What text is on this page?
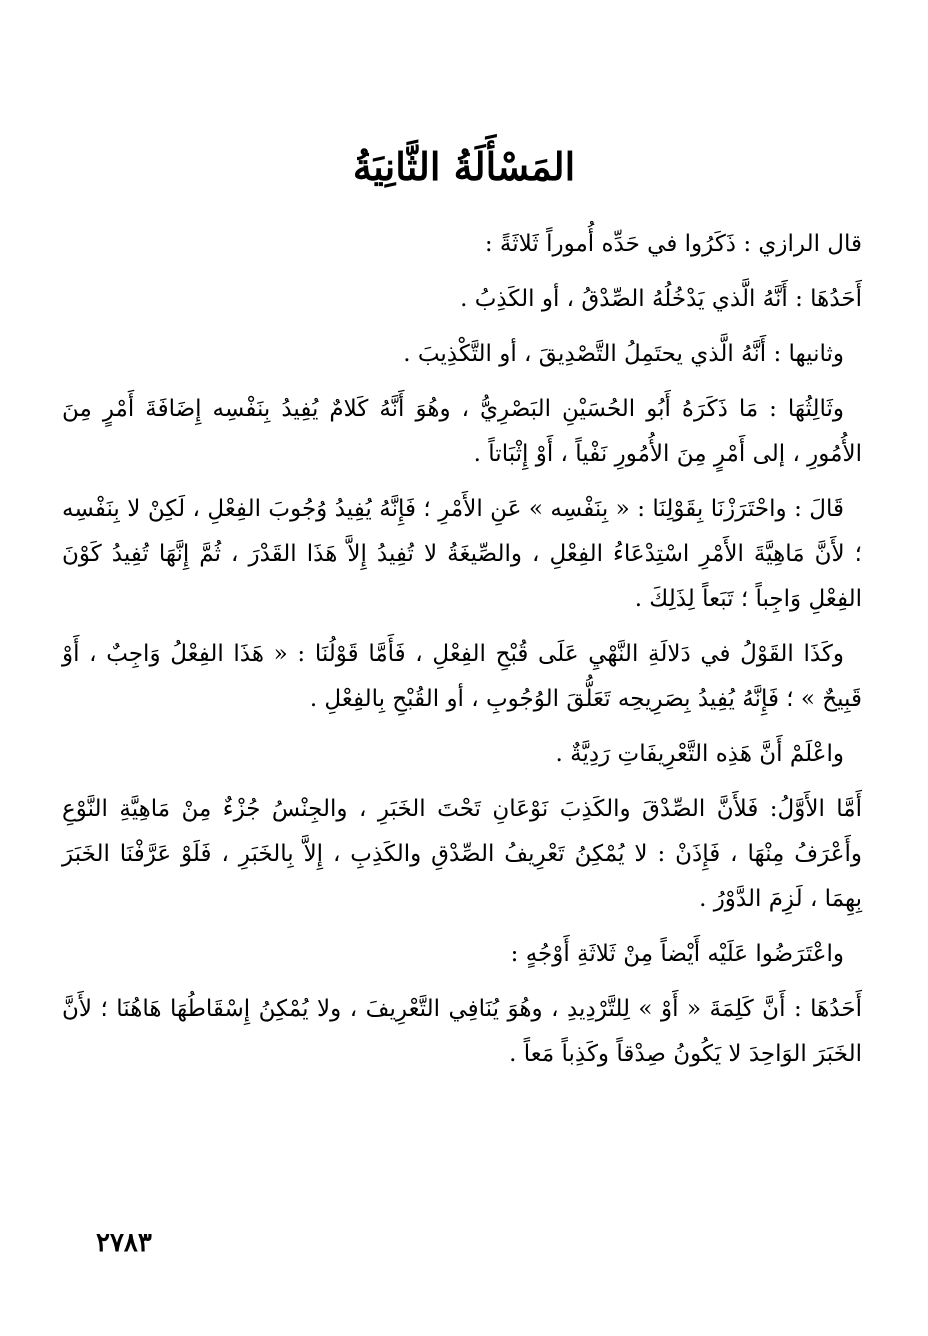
المَسْأَلَةُ الثَّانِيَةُ

قال الرازي : ذَكَرُوا في حَدِّه أُموراً ثَلاثَةً :

أَحَدُهَا : أَنَّهُ الَّذي يَدْخُلُهُ الصِّدْقُ ، أو الكَذِبُ .

وثانيها : أَنَّهُ الَّذي يحتَمِلُ التَّصْدِيقَ ، أو التَّكْذِيبَ .

وثَالِثُهَا : مَا ذَكَرَهُ أَبُو الحُسَيْنِ البَصْرِيُّ ، وهُوَ أَنَّهُ كَلامٌ يُفِيدُ بِنَفْسِه إِضَافَةَ أَمْرٍ مِنَ الأُمُورِ ، إلى أَمْرٍ مِنَ الأُمُورِ نَفْياً ، أَوْ إِثْبَاتاً .

قَالَ : واحْتَرَزْنَا بِقَوْلِنَا : « بِنَفْسِه » عَنِ الأَمْرِ ؛ فَإِنَّهُ يُفِيدُ وُجُوبَ الفِعْلِ ، لَكِنْ لا بِنَفْسِه ؛ لأَنَّ مَاهِيَّةَ الأَمْرِ اسْتِدْعَاءُ الفِعْلِ ، والصِّيغَةُ لا تُفِيدُ إِلاَّ هَذَا القَدْرَ ، ثُمَّ إِنَّهَا تُفِيدُ كَوْنَ الفِعْلِ وَاجِباً ؛ تَبَعاً لِذَلِكَ .

وكَذَا القَوْلُ في دَلالَةِ النَّهْيِ عَلَى قُبْحِ الفِعْلِ ، فَأَمَّا قَوْلُنَا : « هَذَا الفِعْلُ وَاجِبٌ ، أَوْ قَبِيحٌ » ؛ فَإِنَّهُ يُفِيدُ بِصَرِيحِه تَعَلُّقَ الوُجُوبِ ، أو القُبْحِ بِالفِعْلِ .

واعْلَمْ أَنَّ هَذِه التَّعْرِيفَاتِ رَدِيَّةٌ .

أَمَّا الأَوَّلُ: فَلأَنَّ الصِّدْقَ والكَذِبَ نَوْعَانِ تَحْتَ الخَبَرِ ، والجِنْسُ جُزْءٌ مِنْ مَاهِيَّةِ النَّوْعِ وأَعْرَفُ مِنْهَا ، فَإِذَنْ : لا يُمْكِنُ تَعْرِيفُ الصِّدْقِ والكَذِبِ ، إِلاَّ بِالخَبَرِ ، فَلَوْ عَرَّفْنَا الخَبَرَ بِهِمَا ، لَزِمَ الدَّوْرُ .

واعْتَرَضُوا عَلَيْه أَيْضاً مِنْ ثَلاثَةِ أَوْجُهٍ :

أَحَدُهَا : أَنَّ كَلِمَةَ « أَوْ » لِلتَّرْدِيدِ ، وهُوَ يُنَافِي التَّعْرِيفَ ، ولا يُمْكِنُ إِسْقَاطُهَا هَاهُنَا ؛ لأَنَّ الخَبَرَ الوَاحِدَ لا يَكُونُ صِدْقاً وكَذِباً مَعاً .

٢٧٨٣
